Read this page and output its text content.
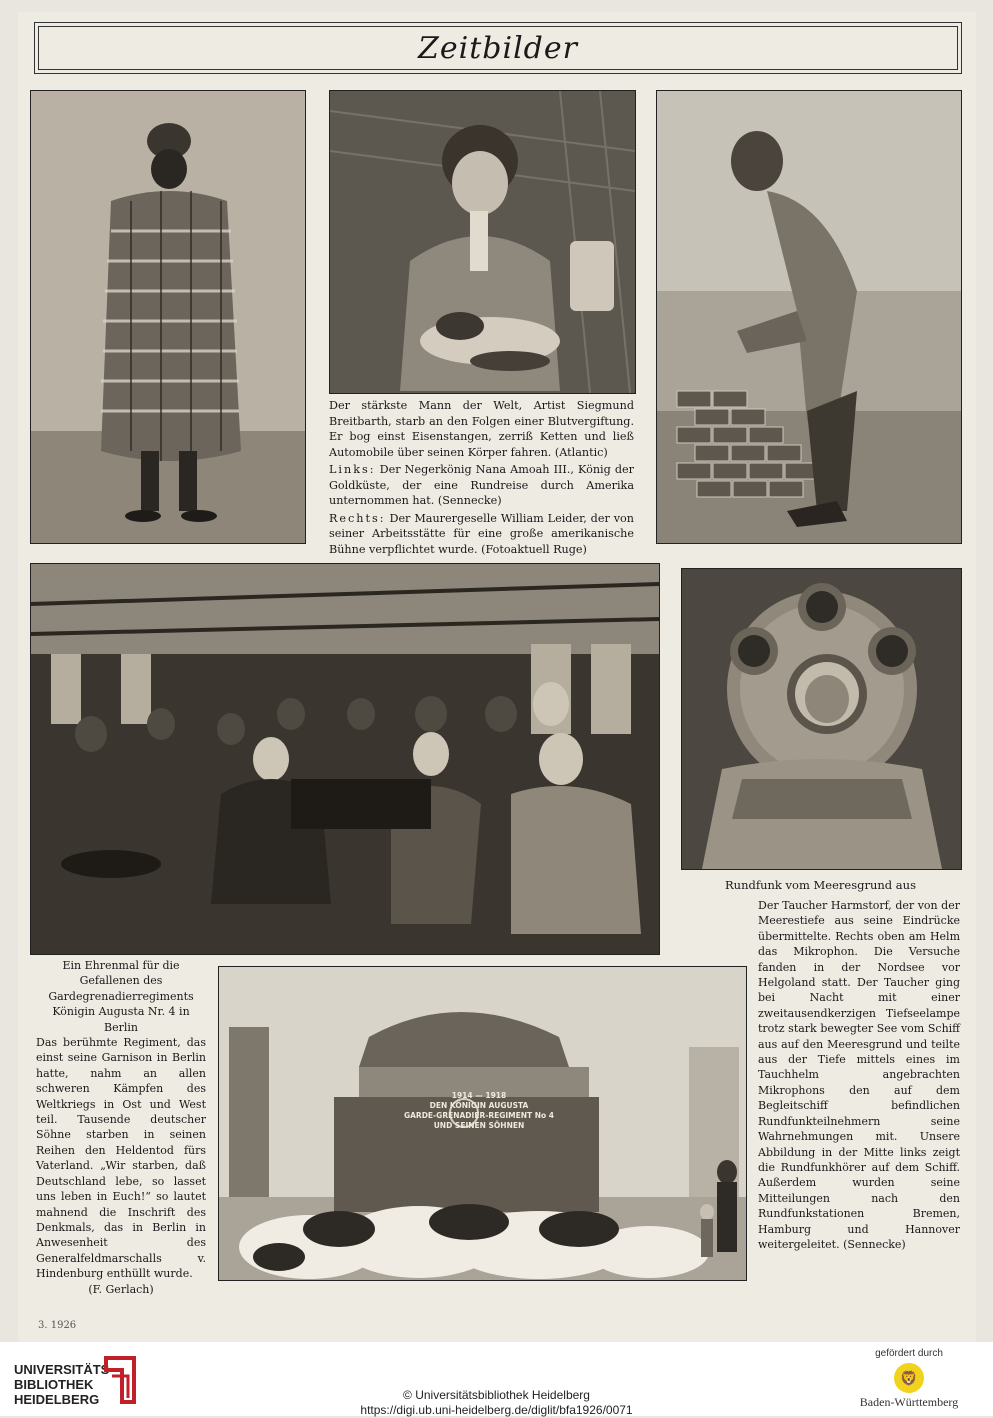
Zeitbilder

Der stärkste Mann der Welt, Artist Siegmund Breitbarth, starb an den Folgen einer Blutvergiftung. Er bog einst Eisenstangen, zerriß Ketten und ließ Automobile über seinen Körper fahren. (Atlantic)

Links: Der Negerkönig Nana Amoah III., König der Goldküste, der eine Rundreise durch Amerika unternommen hat. (Sennecke)

Rechts: Der Maurergeselle William Leider, der von seiner Arbeitsstätte für eine große amerikanische Bühne verpflichtet wurde. (Fotoaktuell Ruge)

Rundfunk vom Meeresgrund aus
1914 — 1918
DEN KÖNIGIN AUGUSTA
GARDE-GRENADIER-REGIMENT No 4
UND SEINEN SÖHNEN
Der Taucher Harmstorf, der von der Meerestiefe aus seine Eindrücke übermittelte. Rechts oben am Helm das Mikrophon. Die Versuche fanden in der Nordsee vor Helgoland statt. Der Taucher ging bei Nacht mit einer zweitausendkerzigen Tiefseelampe trotz stark bewegter See vom Schiff aus auf den Meeresgrund und teilte aus der Tiefe mittels eines im Tauchhelm angebrachten Mikrophons den auf dem Begleitschiff befindlichen Rundfunkteilnehmern seine Wahrnehmungen mit. Unsere Abbildung in der Mitte links zeigt die Rundfunkhörer auf dem Schiff. Außerdem wurden seine Mitteilungen nach den Rundfunkstationen Bremen, Hamburg und Hannover weitergeleitet. (Sennecke)

Ein Ehrenmal für die Gefallenen des Gardegrenadierregiments Königin Augusta Nr. 4 in Berlin

Das berühmte Regiment, das einst seine Garnison in Berlin hatte, nahm an allen schweren Kämpfen des Weltkriegs in Ost und West teil. Tausende deutscher Söhne starben in seinen Reihen den Heldentod fürs Vaterland. „Wir starben, daß Deutschland lebe, so lasset uns leben in Euch!“ so lautet mahnend die Inschrift des Denkmals, das in Berlin in Anwesenheit des Generalfeldmarschalls v. Hindenburg enthüllt wurde.

(F. Gerlach)

3. 1926
UNIVERSITÄTS-
BIBLIOTHEK
HEIDELBERG	© Universitätsbibliothek Heidelberg
https://digi.ub.uni-heidelberg.de/diglit/bfa1926/0071
gefördert durch
🦁
Baden-Württemberg
